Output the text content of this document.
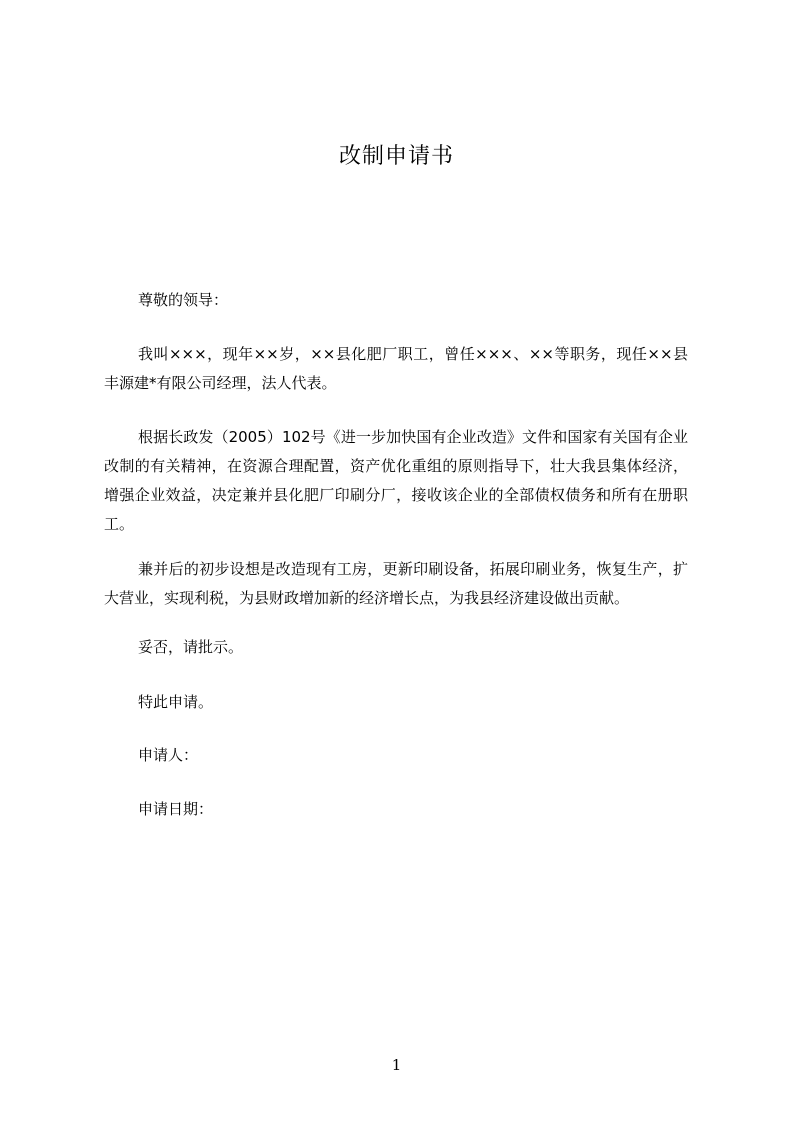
改制申请书

尊敬的领导：

我叫×××，现年××岁，××县化肥厂职工，曾任×××、××等职务，现任××县丰源建*有限公司经理，法人代表。

根据长政发（2005）102号《进一步加快国有企业改造》文件和国家有关国有企业改制的有关精神，在资源合理配置，资产优化重组的原则指导下，壮大我县集体经济，增强企业效益，决定兼并县化肥厂印刷分厂，接收该企业的全部债权债务和所有在册职工。

兼并后的初步设想是改造现有工房，更新印刷设备，拓展印刷业务，恢复生产，扩大营业，实现利税，为县财政增加新的经济增长点，为我县经济建设做出贡献。

妥否，请批示。

特此申请。

申请人：

申请日期：

1
